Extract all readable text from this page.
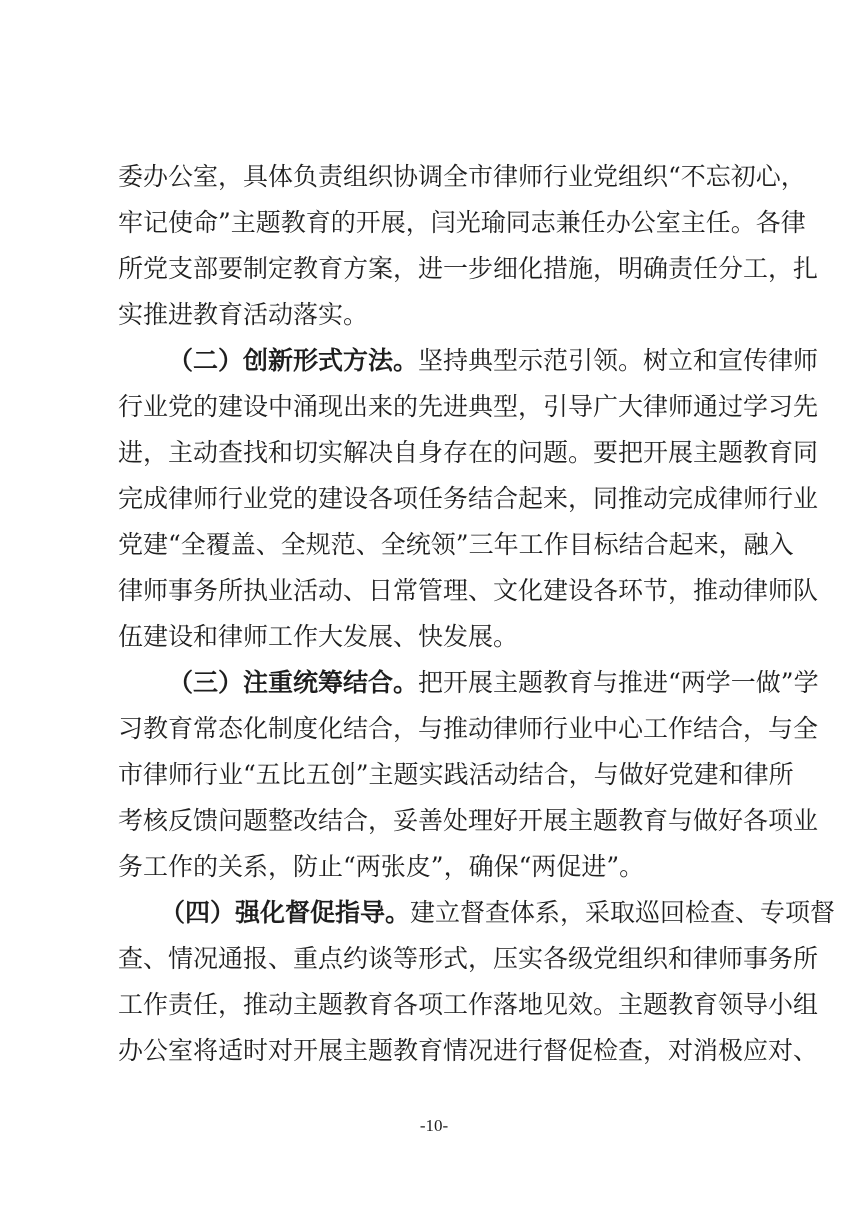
委办公室，具体负责组织协调全市律师行业党组织“不忘初心，
牢记使命”主题教育的开展，闫光瑜同志兼任办公室主任。各律
所党支部要制定教育方案，进一步细化措施，明确责任分工，扎
实推进教育活动落实。
（二）创新形式方法。坚持典型示范引领。树立和宣传律师
行业党的建设中涌现出来的先进典型，引导广大律师通过学习先
进，主动查找和切实解决自身存在的问题。要把开展主题教育同
完成律师行业党的建设各项任务结合起来，同推动完成律师行业
党建“全覆盖、全规范、全统领”三年工作目标结合起来，融入
律师事务所执业活动、日常管理、文化建设各环节，推动律师队
伍建设和律师工作大发展、快发展。
（三）注重统筹结合。把开展主题教育与推进“两学一做”学
习教育常态化制度化结合，与推动律师行业中心工作结合，与全
市律师行业“五比五创”主题实践活动结合，与做好党建和律所
考核反馈问题整改结合，妥善处理好开展主题教育与做好各项业
务工作的关系，防止“两张皮”，确保“两促进”。
（四）强化督促指导。建立督查体系，采取巡回检查、专项督
查、情况通报、重点约谈等形式，压实各级党组织和律师事务所
工作责任，推动主题教育各项工作落地见效。主题教育领导小组
办公室将适时对开展主题教育情况进行督促检查，对消极应对、
-10-
